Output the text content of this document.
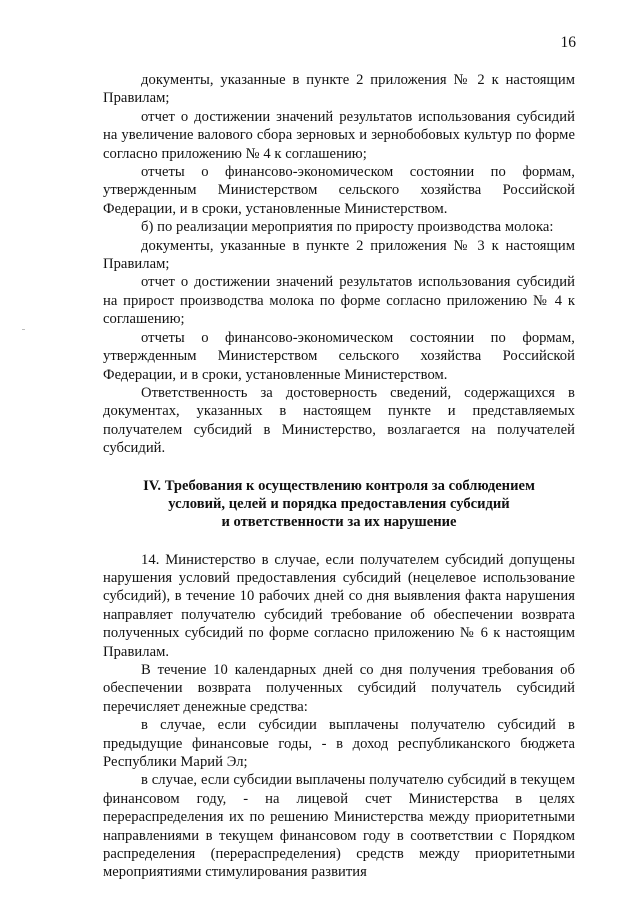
16

документы, указанные в пункте 2 приложения № 2 к настоящим Правилам;

отчет о достижении значений результатов использования субсидий на увеличение валового сбора зерновых и зернобобовых культур по форме согласно приложению № 4 к соглашению;

отчеты о финансово-экономическом состоянии по формам, утвержденным Министерством сельского хозяйства Российской Федерации, и в сроки, установленные Министерством.

б) по реализации мероприятия по приросту производства молока:

документы, указанные в пункте 2 приложения № 3 к настоящим Правилам;

отчет о достижении значений результатов использования субсидий на прирост производства молока по форме согласно приложению № 4 к соглашению;

отчеты о финансово-экономическом состоянии по формам, утвержденным Министерством сельского хозяйства Российской Федерации, и в сроки, установленные Министерством.

Ответственность за достоверность сведений, содержащихся в документах, указанных в настоящем пункте и представляемых получателем субсидий в Министерство, возлагается на получателей субсидий.

IV. Требования к осуществлению контроля за соблюдением
условий, целей и порядка предоставления субсидий
и ответственности за их нарушение

14. Министерство в случае, если получателем субсидий допущены нарушения условий предоставления субсидий (нецелевое использование субсидий), в течение 10 рабочих дней со дня выявления факта нарушения направляет получателю субсидий требование об обеспечении возврата полученных субсидий по форме согласно приложению № 6 к настоящим Правилам.

В течение 10 календарных дней со дня получения требования об обеспечении возврата полученных субсидий получатель субсидий перечисляет денежные средства:

в случае, если субсидии выплачены получателю субсидий в предыдущие финансовые годы, - в доход республиканского бюджета Республики Марий Эл;

в случае, если субсидии выплачены получателю субсидий в текущем финансовом году, - на лицевой счет Министерства в целях перераспределения их по решению Министерства между приоритетными направлениями в текущем финансовом году в соответствии с Порядком распределения (перераспределения) средств между приоритетными мероприятиями стимулирования развития
